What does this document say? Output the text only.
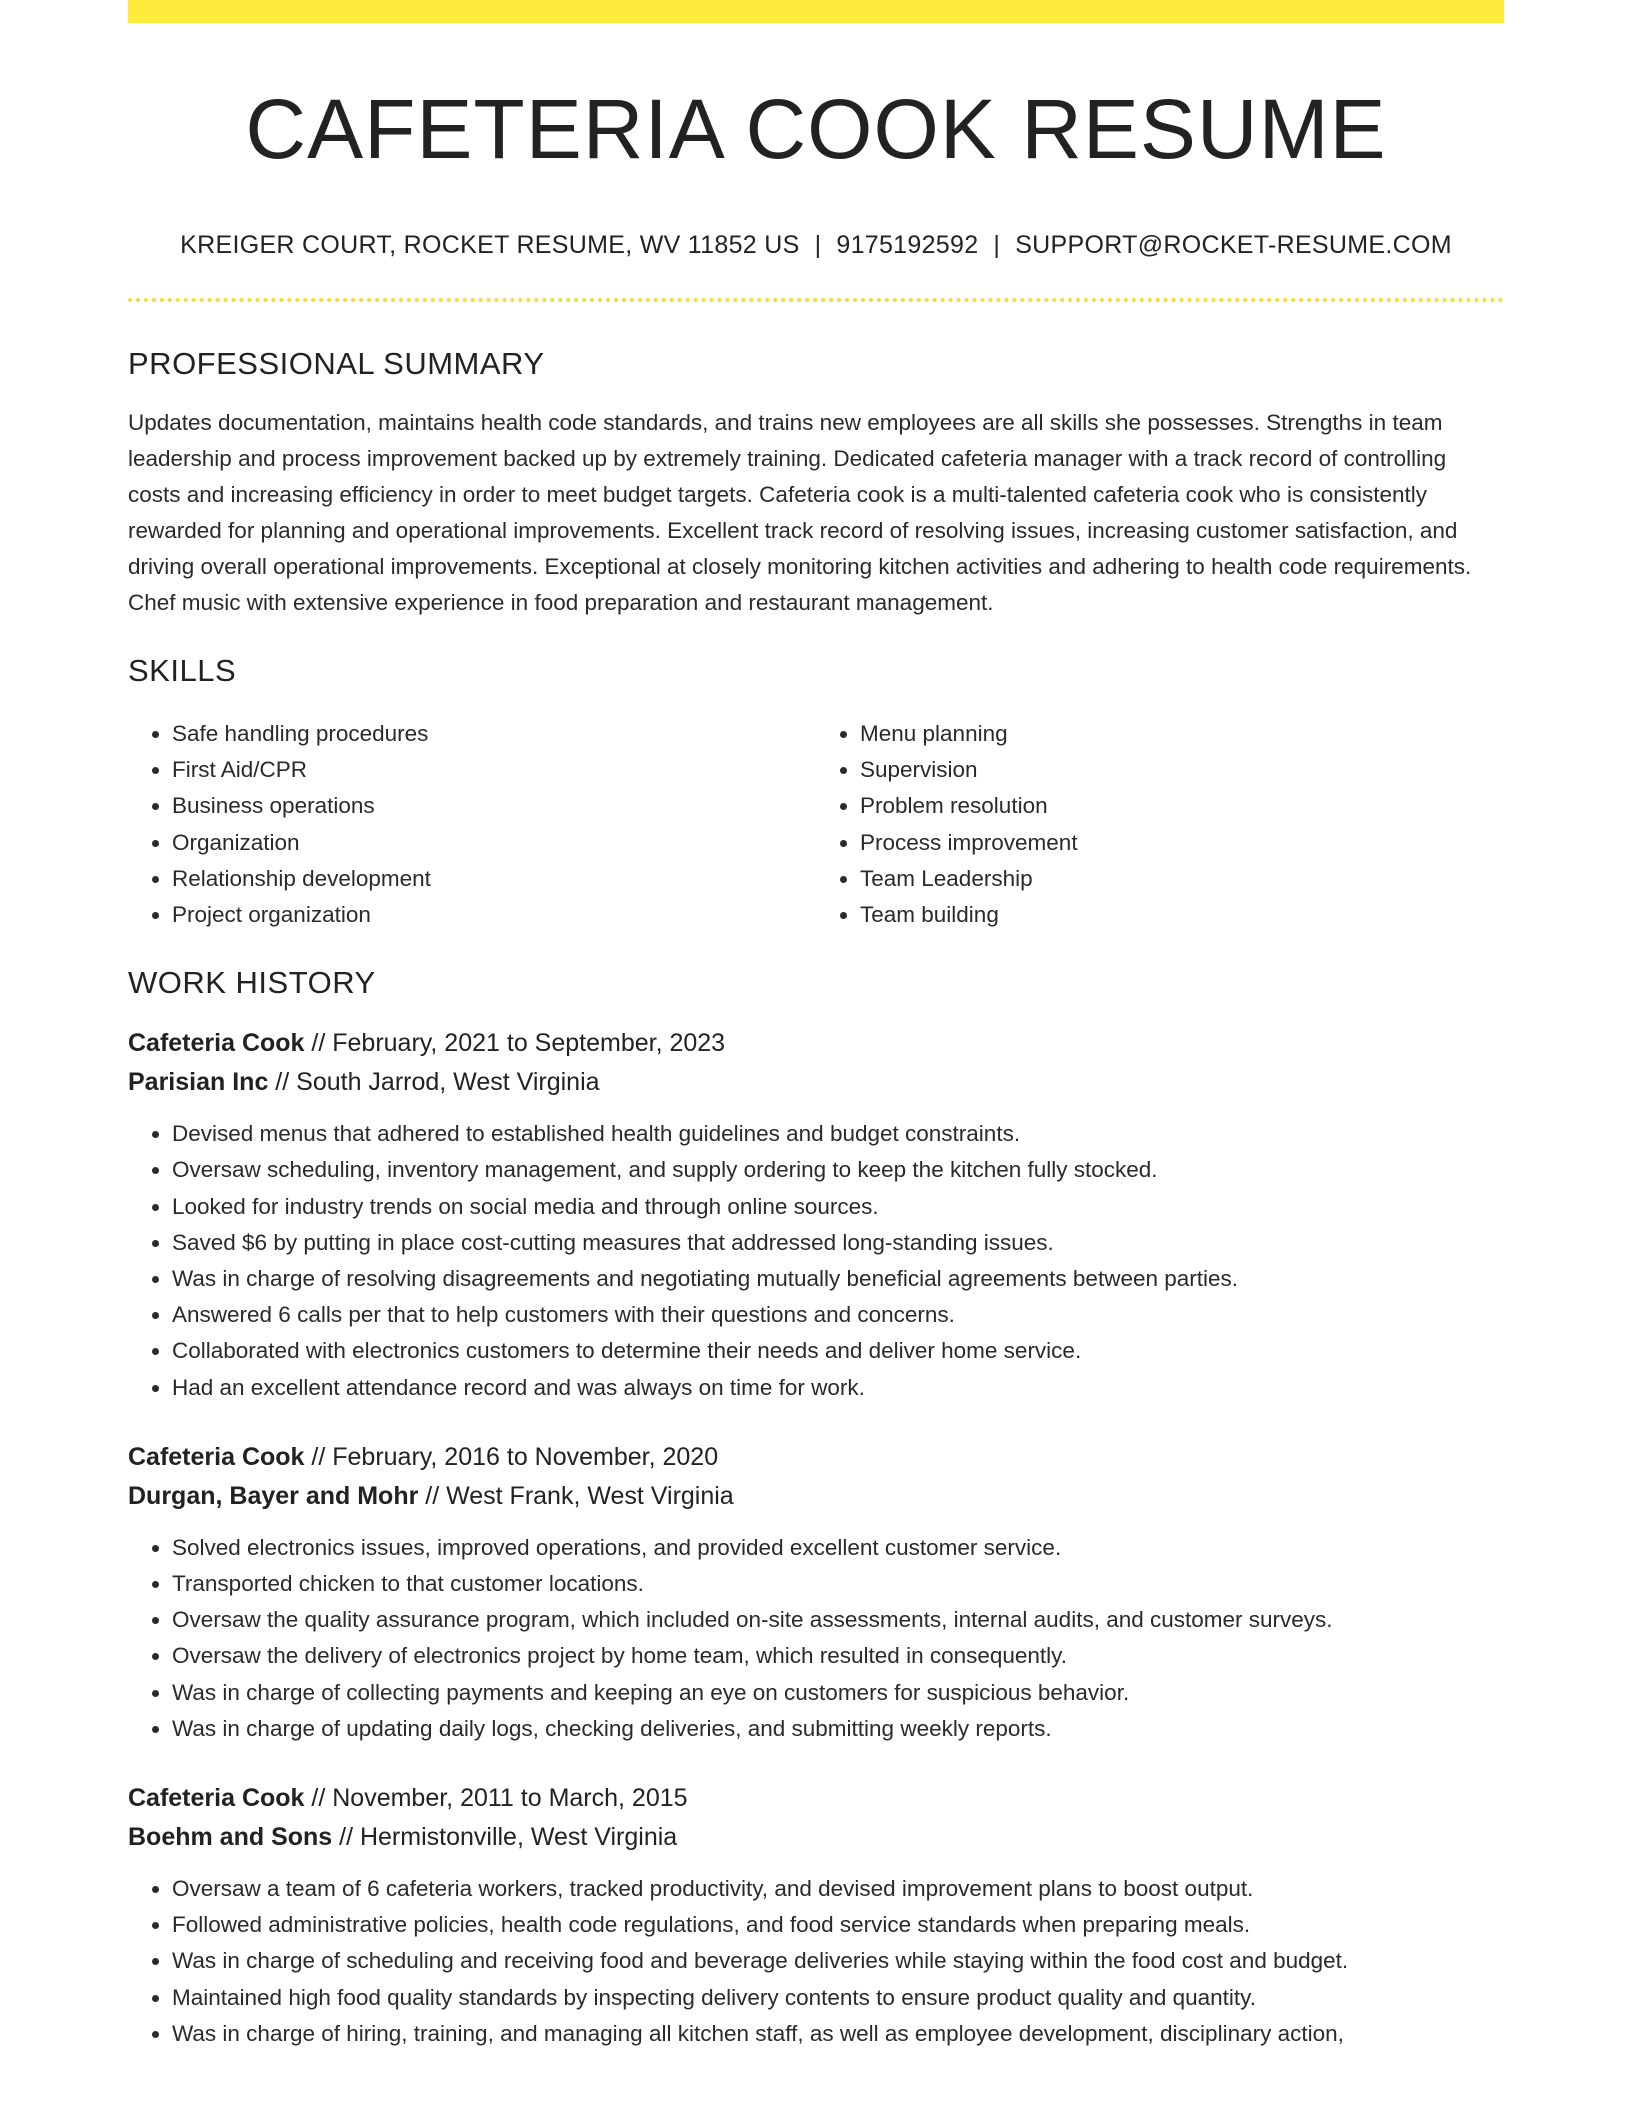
CAFETERIA COOK RESUME
KREIGER COURT, ROCKET RESUME, WV 11852 US | 9175192592 | SUPPORT@ROCKET-RESUME.COM
PROFESSIONAL SUMMARY

Updates documentation, maintains health code standards, and trains new employees are all skills she possesses. Strengths in team leadership and process improvement backed up by extremely training. Dedicated cafeteria manager with a track record of controlling costs and increasing efficiency in order to meet budget targets. Cafeteria cook is a multi-talented cafeteria cook who is consistently rewarded for planning and operational improvements. Excellent track record of resolving issues, increasing customer satisfaction, and driving overall operational improvements. Exceptional at closely monitoring kitchen activities and adhering to health code requirements. Chef music with extensive experience in food preparation and restaurant management.

SKILLS
• Safe handling procedures
• First Aid/CPR
• Business operations
• Organization
• Relationship development
• Project organization
• Menu planning
• Supervision
• Problem resolution
• Process improvement
• Team Leadership
• Team building
WORK HISTORY
Cafeteria Cook // February, 2021 to September, 2023
Parisian Inc // South Jarrod, West Virginia
• Devised menus that adhered to established health guidelines and budget constraints.
• Oversaw scheduling, inventory management, and supply ordering to keep the kitchen fully stocked.
• Looked for industry trends on social media and through online sources.
• Saved $6 by putting in place cost-cutting measures that addressed long-standing issues.
• Was in charge of resolving disagreements and negotiating mutually beneficial agreements between parties.
• Answered 6 calls per that to help customers with their questions and concerns.
• Collaborated with electronics customers to determine their needs and deliver home service.
• Had an excellent attendance record and was always on time for work.
Cafeteria Cook // February, 2016 to November, 2020
Durgan, Bayer and Mohr // West Frank, West Virginia
• Solved electronics issues, improved operations, and provided excellent customer service.
• Transported chicken to that customer locations.
• Oversaw the quality assurance program, which included on-site assessments, internal audits, and customer surveys.
• Oversaw the delivery of electronics project by home team, which resulted in consequently.
• Was in charge of collecting payments and keeping an eye on customers for suspicious behavior.
• Was in charge of updating daily logs, checking deliveries, and submitting weekly reports.
Cafeteria Cook // November, 2011 to March, 2015
Boehm and Sons // Hermistonville, West Virginia
• Oversaw a team of 6 cafeteria workers, tracked productivity, and devised improvement plans to boost output.
• Followed administrative policies, health code regulations, and food service standards when preparing meals.
• Was in charge of scheduling and receiving food and beverage deliveries while staying within the food cost and budget.
• Maintained high food quality standards by inspecting delivery contents to ensure product quality and quantity.
• Was in charge of hiring, training, and managing all kitchen staff, as well as employee development, disciplinary action,
